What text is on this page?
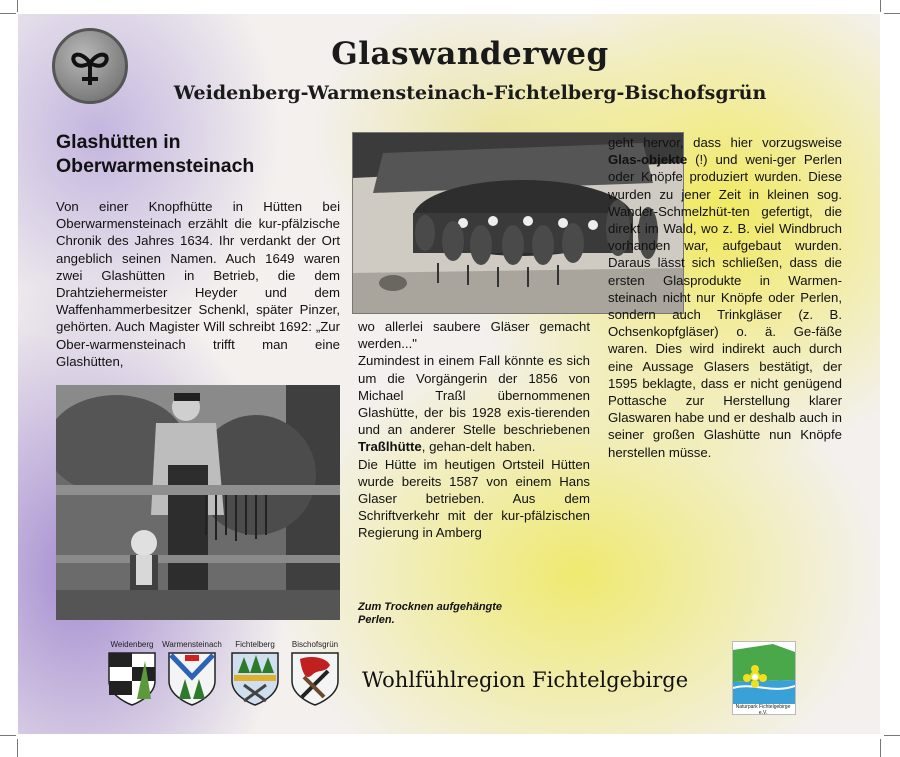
Glaswanderweg
Weidenberg-Warmensteinach-Fichtelberg-Bischofsgrün
Glashütten in
Oberwarmensteinach

Von einer Knopfhütte in Hütten bei Oberwarmensteinach erzählt die kur-pfälzische Chronik des Jahres 1634. Ihr verdankt der Ort angeblich seinen Namen. Auch 1649 waren zwei Glashütten in Betrieb, die dem Drahtziehermeister Heyder und dem Waffenhammerbesitzer Schenkl, später Pinzer, gehörten. Auch Magister Will schreibt 1692: „Zur Ober-warmensteinach trifft man eine Glashütten,

wo allerlei saubere Gläser gemacht werden..."

Zumindest in einem Fall könnte es sich um die Vorgängerin der 1856 von Michael Traßl übernommenen Glashütte, der bis 1928 exis-tierenden und an anderer Stelle beschriebenen Traßlhütte, gehan-delt haben.

Die Hütte im heutigen Ortsteil Hütten wurde bereits 1587 von einem Hans Glaser betrieben. Aus dem Schriftverkehr mit der kur-pfälzischen Regierung in Amberg

geht hervor, dass hier vorzugsweise Glas-objekte (!) und weni-ger Perlen oder Knöpfe produziert wurden. Diese wurden zu jener Zeit in kleinen sog. Wander-Schmelzhüt-ten gefertigt, die direkt im Wald, wo z. B. viel Windbruch vorhanden war, aufgebaut wurden. Daraus lässt sich schließen, dass die ersten Glasprodukte in Warmen-steinach nicht nur Knöpfe oder Perlen, sondern auch Trinkgläser (z. B. Ochsenkopfgläser) o. ä. Ge-fäße waren. Dies wird indirekt auch durch eine Aussage Glasers bestätigt, der 1595 beklagte, dass er nicht genügend Pottasche zur Herstellung klarer Glaswaren habe und er deshalb auch in seiner großen Glashütte nun Knöpfe herstellen müsse.

Zum Trocknen aufgehängte
Perlen.
Weidenberg	Warmensteinach	Fichtelberg	Bischofsgrün
Wohlfühlregion Fichtelgebirge
Naturpark Fichtelgebirge e.V.
